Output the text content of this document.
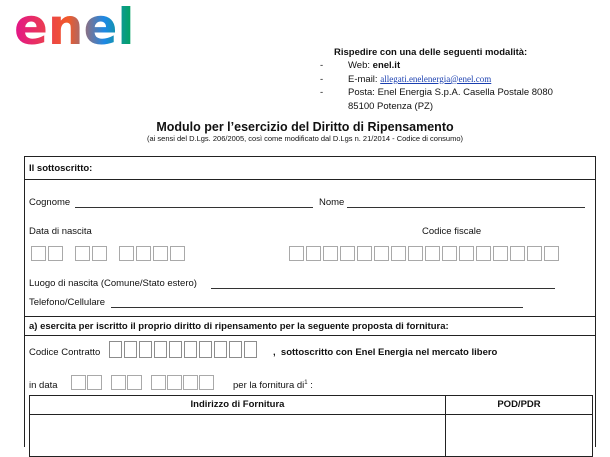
enel	Rispedire con una delle seguenti modalità:
-	Web:
enel.it
-	E-mail:
allegati.enelenergia@enel.com
-	Posta:
Enel Energia S.p.A. Casella Postale 8080
85100 Potenza (PZ)
Modulo per l’esercizio del Diritto di Ripensamento
(ai sensi del D.Lgs. 206/2005, così come modificato dal D.Lgs n. 21/2014 - Codice di consumo)
Il sottoscritto:
Cognome	Nome
Data di nascita	Codice fiscale
Luogo di nascita (Comune/Stato estero)
Telefono/Cellulare
a) esercita per iscritto il proprio diritto di ripensamento per la seguente proposta di fornitura:
Codice Contratto	,  sottoscritto con Enel Energia nel mercato libero
in data	per la fornitura $di^1$ :
Indirizzo di Fornitura	POD/PDR
